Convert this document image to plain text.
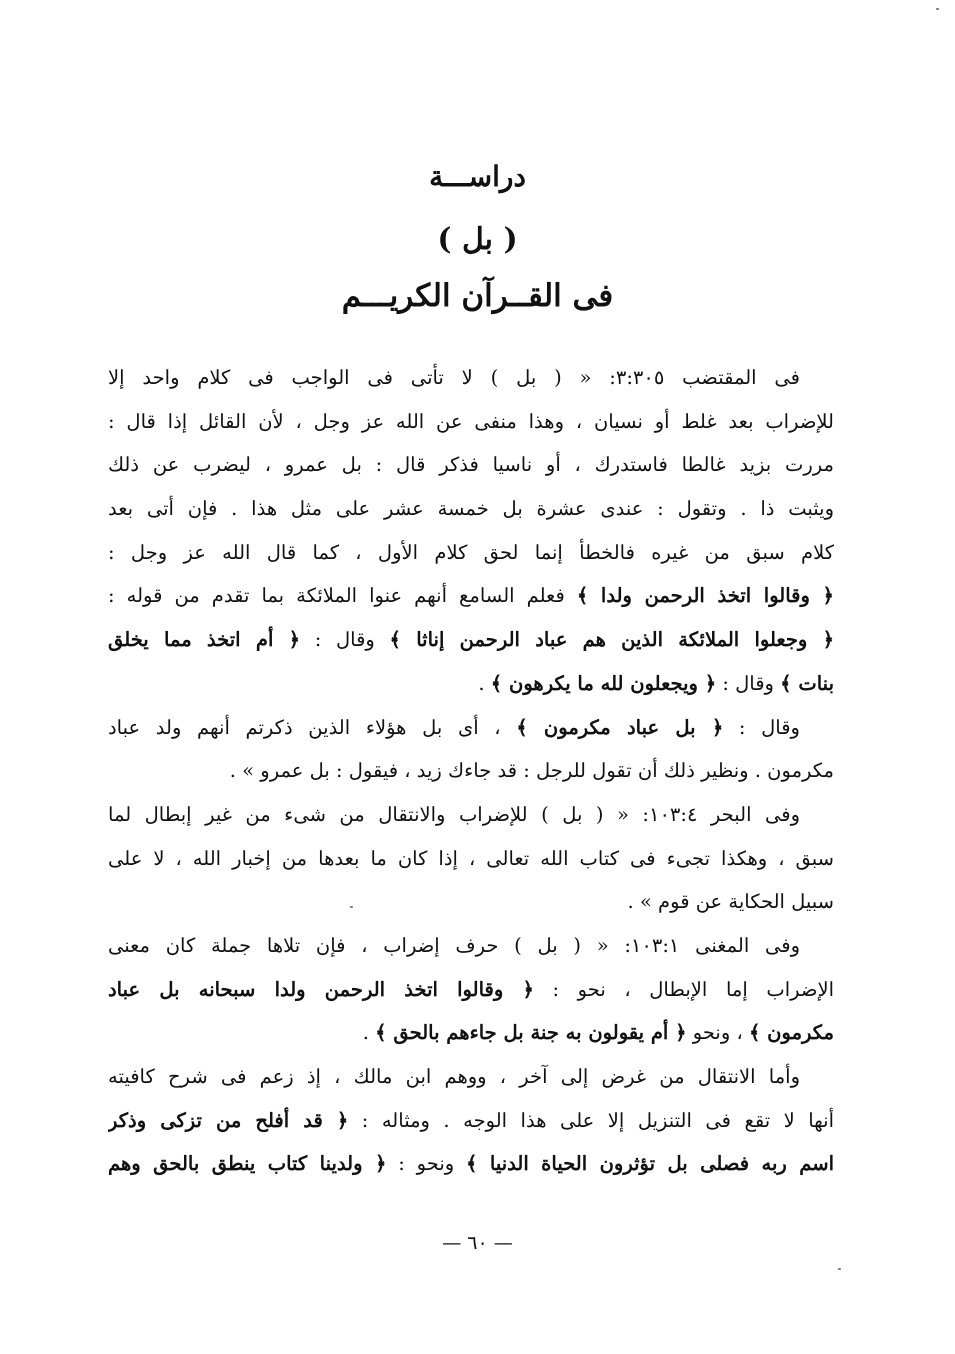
دراســـة
( بل )
فى القــرآن الكريـــم
فى المقتضب ٣:٣٠٥: « ( بل ) لا تأتى فى الواجب فى كلام واحد إلا
للإضراب بعد غلط أو نسيان ، وهذا منفى عن الله عز وجل ، لأن القائل إذا قال :
مررت بزيد غالطا فاستدرك ، أو ناسيا فذكر قال : بل عمرو ، ليضرب عن ذلك
ويثبت ذا . وتقول : عندى عشرة بل خمسة عشر على مثل هذا . فإن أتى بعد
كلام سبق من غيره فالخطأ إنما لحق كلام الأول ، كما قال الله عز وجل :
﴿ وقالوا اتخذ الرحمن ولدا ﴾ فعلم السامع أنهم عنوا الملائكة بما تقدم من قوله :
﴿ وجعلوا الملائكة الذين هم عباد الرحمن إناثا ﴾ وقال : ﴿ أم اتخذ مما يخلق
بنات ﴾ وقال : ﴿ ويجعلون لله ما يكرهون ﴾ .
وقال : ﴿ بل عباد مكرمون ﴾ ، أى بل هؤلاء الذين ذكرتم أنهم ولد عباد
مكرمون . ونظير ذلك أن تقول للرجل : قد جاءك زيد ، فيقول : بل عمرو » .
وفى البحر ١٠٣:٤: « ( بل ) للإضراب والانتقال من شىء من غير إبطال لما
سبق ، وهكذا تجىء فى كتاب الله تعالى ، إذا كان ما بعدها من إخبار الله ، لا على
سبيل الحكاية عن قوم » .
وفى المغنى ١٠٣:١: « ( بل ) حرف إضراب ، فإن تلاها جملة كان معنى
الإضراب إما الإبطال ، نحو : ﴿ وقالوا اتخذ الرحمن ولدا سبحانه بل عباد
مكرمون ﴾ ، ونحو ﴿ أم يقولون به جنة بل جاءهم بالحق ﴾ .
وأما الانتقال من غرض إلى آخر ، ووهم ابن مالك ، إذ زعم فى شرح كافيته
أنها لا تقع فى التنزيل إلا على هذا الوجه . ومثاله : ﴿ قد أفلح من تزكى وذكر
اسم ربه فصلى بل تؤثرون الحياة الدنيا ﴾ ونحو : ﴿ ولدينا كتاب ينطق بالحق وهم
— ٦٠ —
